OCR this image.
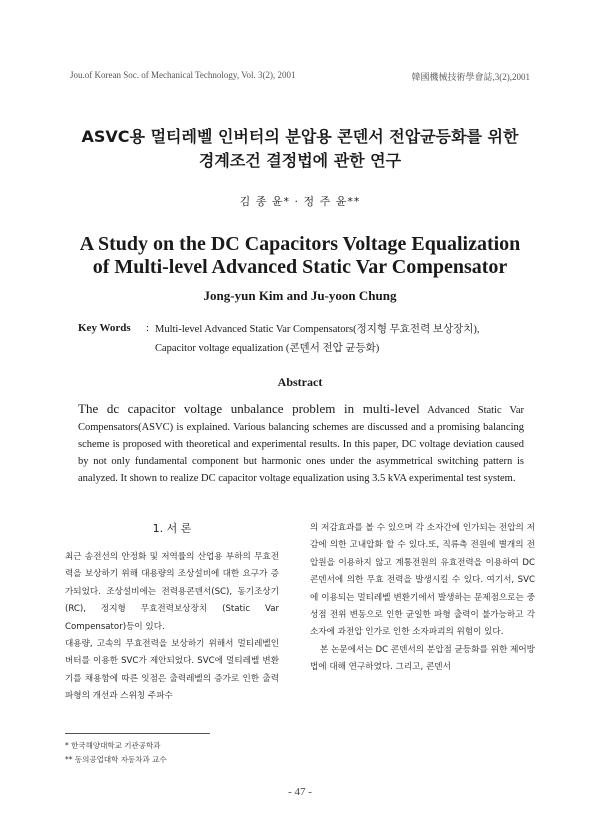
Jou.of Korean Soc. of Mechanical Technology, Vol. 3(2), 2001	韓國機械技術學會誌,3(2),2001
ASVC용 멀티레벨 인버터의 분압용 콘덴서 전압균등화를 위한
경계조건 결정법에 관한 연구
김 종 윤* · 정 주 윤**
A Study on the DC Capacitors Voltage Equalization
of Multi-level Advanced Static Var Compensator
Jong-yun Kim and Ju-yoon Chung
Key Words : Multi-level Advanced Static Var Compensators(정지형 무효전력 보상장치),
Capacitor voltage equalization (콘덴서 전압 균등화)
Abstract
The dc capacitor voltage unbalance problem in multi-level Advanced Static Var Compensators(ASVC) is explained. Various balancing schemes are discussed and a promising balancing scheme is proposed with theoretical and experimental results. In this paper, DC voltage deviation caused by not only fundamental component but harmonic ones under the asymmetrical switching pattern is analyzed. It shown to realize DC capacitor voltage equalization using 3.5 kVA experimental test system.
1. 서 론

최근 송전선의 안정화 및 저역률의 산업용 부하의 무효전력을 보상하기 위해 대용량의 조상설비에 대한 요구가 증가되었다. 조상설비에는 전력용콘덴서(SC), 동기조상기(RC), 정지형 무효전력보상장치 (Static Var Compensator)등이 있다.

대용량, 고속의 무효전력을 보상하기 위해서 멀티레벨인버터를 이용한 SVC가 제안되었다. SVC에 멀티레벨 변환기를 채용함에 따른 잇점은 출력레벨의 증가로 인한 출력파형의 개선과 스위칭 주파수

의 저감효과를 볼 수 있으며 각 소자간에 인가되는 전압의 저감에 의한 고내압화 할 수 있다.또, 직류측 전원에 별개의 전압원을 이용하지 않고 계통전원의 유효전력을 이용하여 DC 콘덴서에 의한 무효 전력을 발생시킬 수 있다. 여기서, SVC에 이용되는 멀티레벨 변환기에서 발생하는 문제점으로는 중성점 전위 변동으로 인한 균일한 파형 출력이 불가능하고 각 소자에 과전압 인가로 인한 소자파괴의 위험이 있다.

본 논문에서는 DC 콘덴서의 분압점 균등화를 위한 제어방법에 대해 연구하였다. 그리고, 콘덴서

* 한국해양대학교 기관공학과
** 동의공업대학 자동차과 교수
- 47 -
